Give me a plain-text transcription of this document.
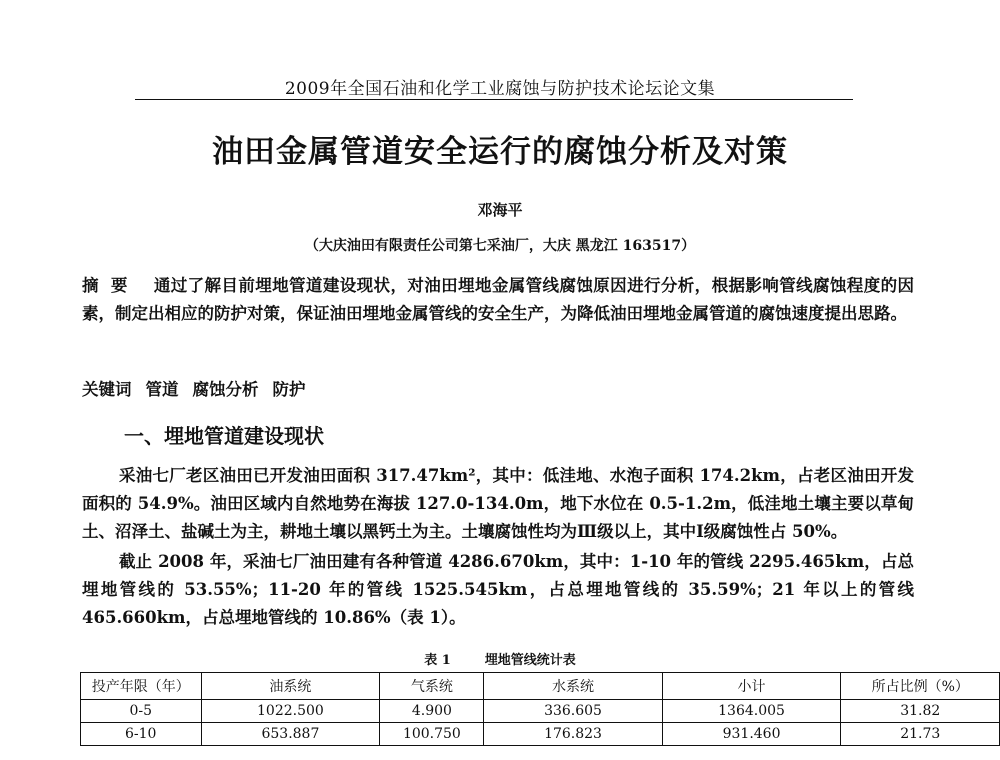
2009年全国石油和化学工业腐蚀与防护技术论坛论文集
油田金属管道安全运行的腐蚀分析及对策
邓海平
（大庆油田有限责任公司第七采油厂，大庆 黑龙江 163517）
摘要 通过了解目前埋地管道建设现状，对油田埋地金属管线腐蚀原因进行分析，根据影响管线腐蚀程度的因素，制定出相应的防护对策，保证油田埋地金属管线的安全生产，为降低油田埋地金属管道的腐蚀速度提出思路。
关键词 管道 腐蚀分析 防护
一、埋地管道建设现状
采油七厂老区油田已开发油田面积 317.47km²，其中：低洼地、水泡子面积 174.2km，占老区油田开发面积的 54.9%。油田区域内自然地势在海拔 127.0-134.0m，地下水位在 0.5-1.2m，低洼地土壤主要以草甸土、沼泽土、盐碱土为主，耕地土壤以黑钙土为主。土壤腐蚀性均为Ⅲ级以上，其中Ⅰ级腐蚀性占 50%。
截止 2008 年，采油七厂油田建有各种管道 4286.670km，其中：1-10 年的管线 2295.465km，占总埋地管线的 53.55%；11-20 年的管线 1525.545km，占总埋地管线的 35.59%；21 年以上的管线 465.660km，占总埋地管线的 10.86%（表 1）。
表 1	埋地管线统计表
投产年限（年）	油系统	气系统	水系统	小计	所占比例（%）
0-5	1022.500	4.900	336.605	1364.005	31.82
6-10	653.887	100.750	176.823	931.460	21.73
